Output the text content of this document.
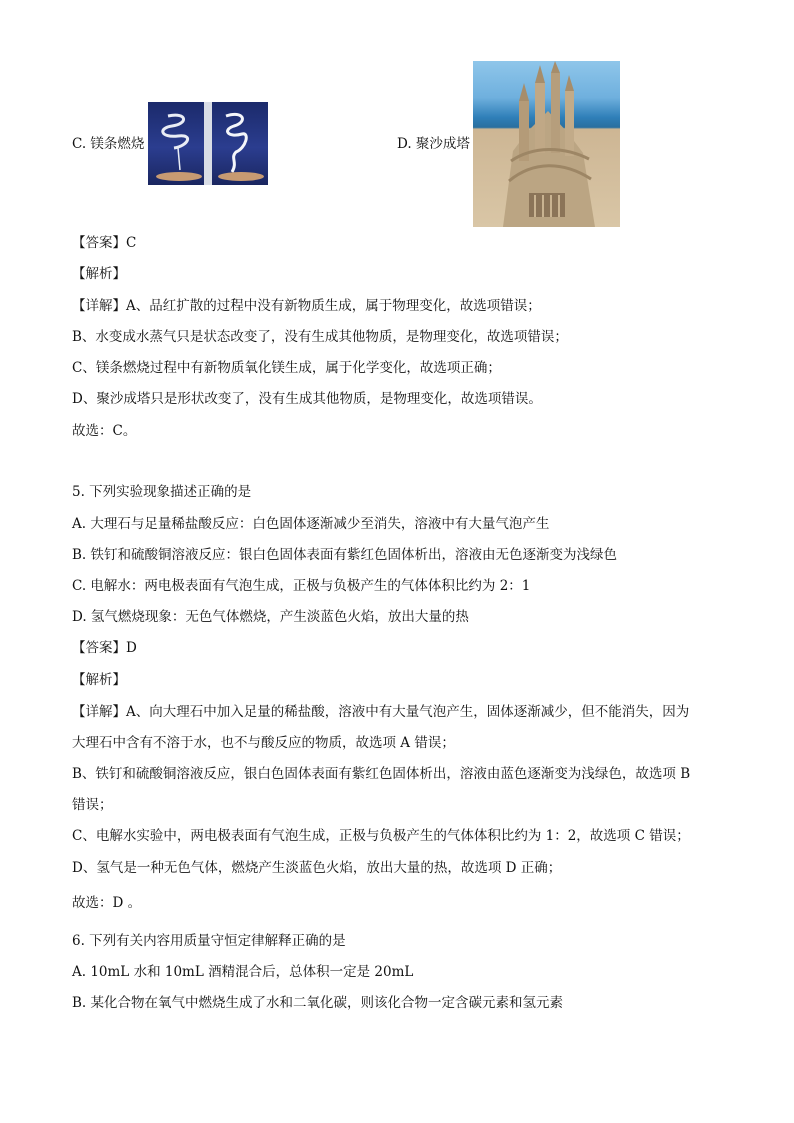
C. 镁条燃烧	D. 聚沙成塔
【答案】C
【解析】
【详解】A、品红扩散的过程中没有新物质生成，属于物理变化，故选项错误；
B、水变成水蒸气只是状态改变了，没有生成其他物质，是物理变化，故选项错误；
C、镁条燃烧过程中有新物质氧化镁生成，属于化学变化，故选项正确；
D、聚沙成塔只是形状改变了，没有生成其他物质，是物理变化，故选项错误。
故选：C。
5. 下列实验现象描述正确的是
A. 大理石与足量稀盐酸反应：白色固体逐渐减少至消失，溶液中有大量气泡产生
B. 铁钉和硫酸铜溶液反应：银白色固体表面有紫红色固体析出，溶液由无色逐渐变为浅绿色
C. 电解水：两电极表面有气泡生成，正极与负极产生的气体体积比约为 2：1
D. 氢气燃烧现象：无色气体燃烧，产生淡蓝色火焰，放出大量的热
【答案】D
【解析】
【详解】A、向大理石中加入足量的稀盐酸，溶液中有大量气泡产生，固体逐渐减少，但不能消失，因为
大理石中含有不溶于水，也不与酸反应的物质，故选项 A 错误；
B、铁钉和硫酸铜溶液反应，银白色固体表面有紫红色固体析出，溶液由蓝色逐渐变为浅绿色，故选项 B
错误；
C、电解水实验中，两电极表面有气泡生成，正极与负极产生的气体体积比约为 1：2，故选项 C 错误；
D、氢气是一种无色气体，燃烧产生淡蓝色火焰，放出大量的热，故选项 D 正确；
故选：D 。
6. 下列有关内容用质量守恒定律解释正确的是
A. 10mL 水和 10mL 酒精混合后，总体积一定是 20mL
B. 某化合物在氧气中燃烧生成了水和二氧化碳，则该化合物一定含碳元素和氢元素
